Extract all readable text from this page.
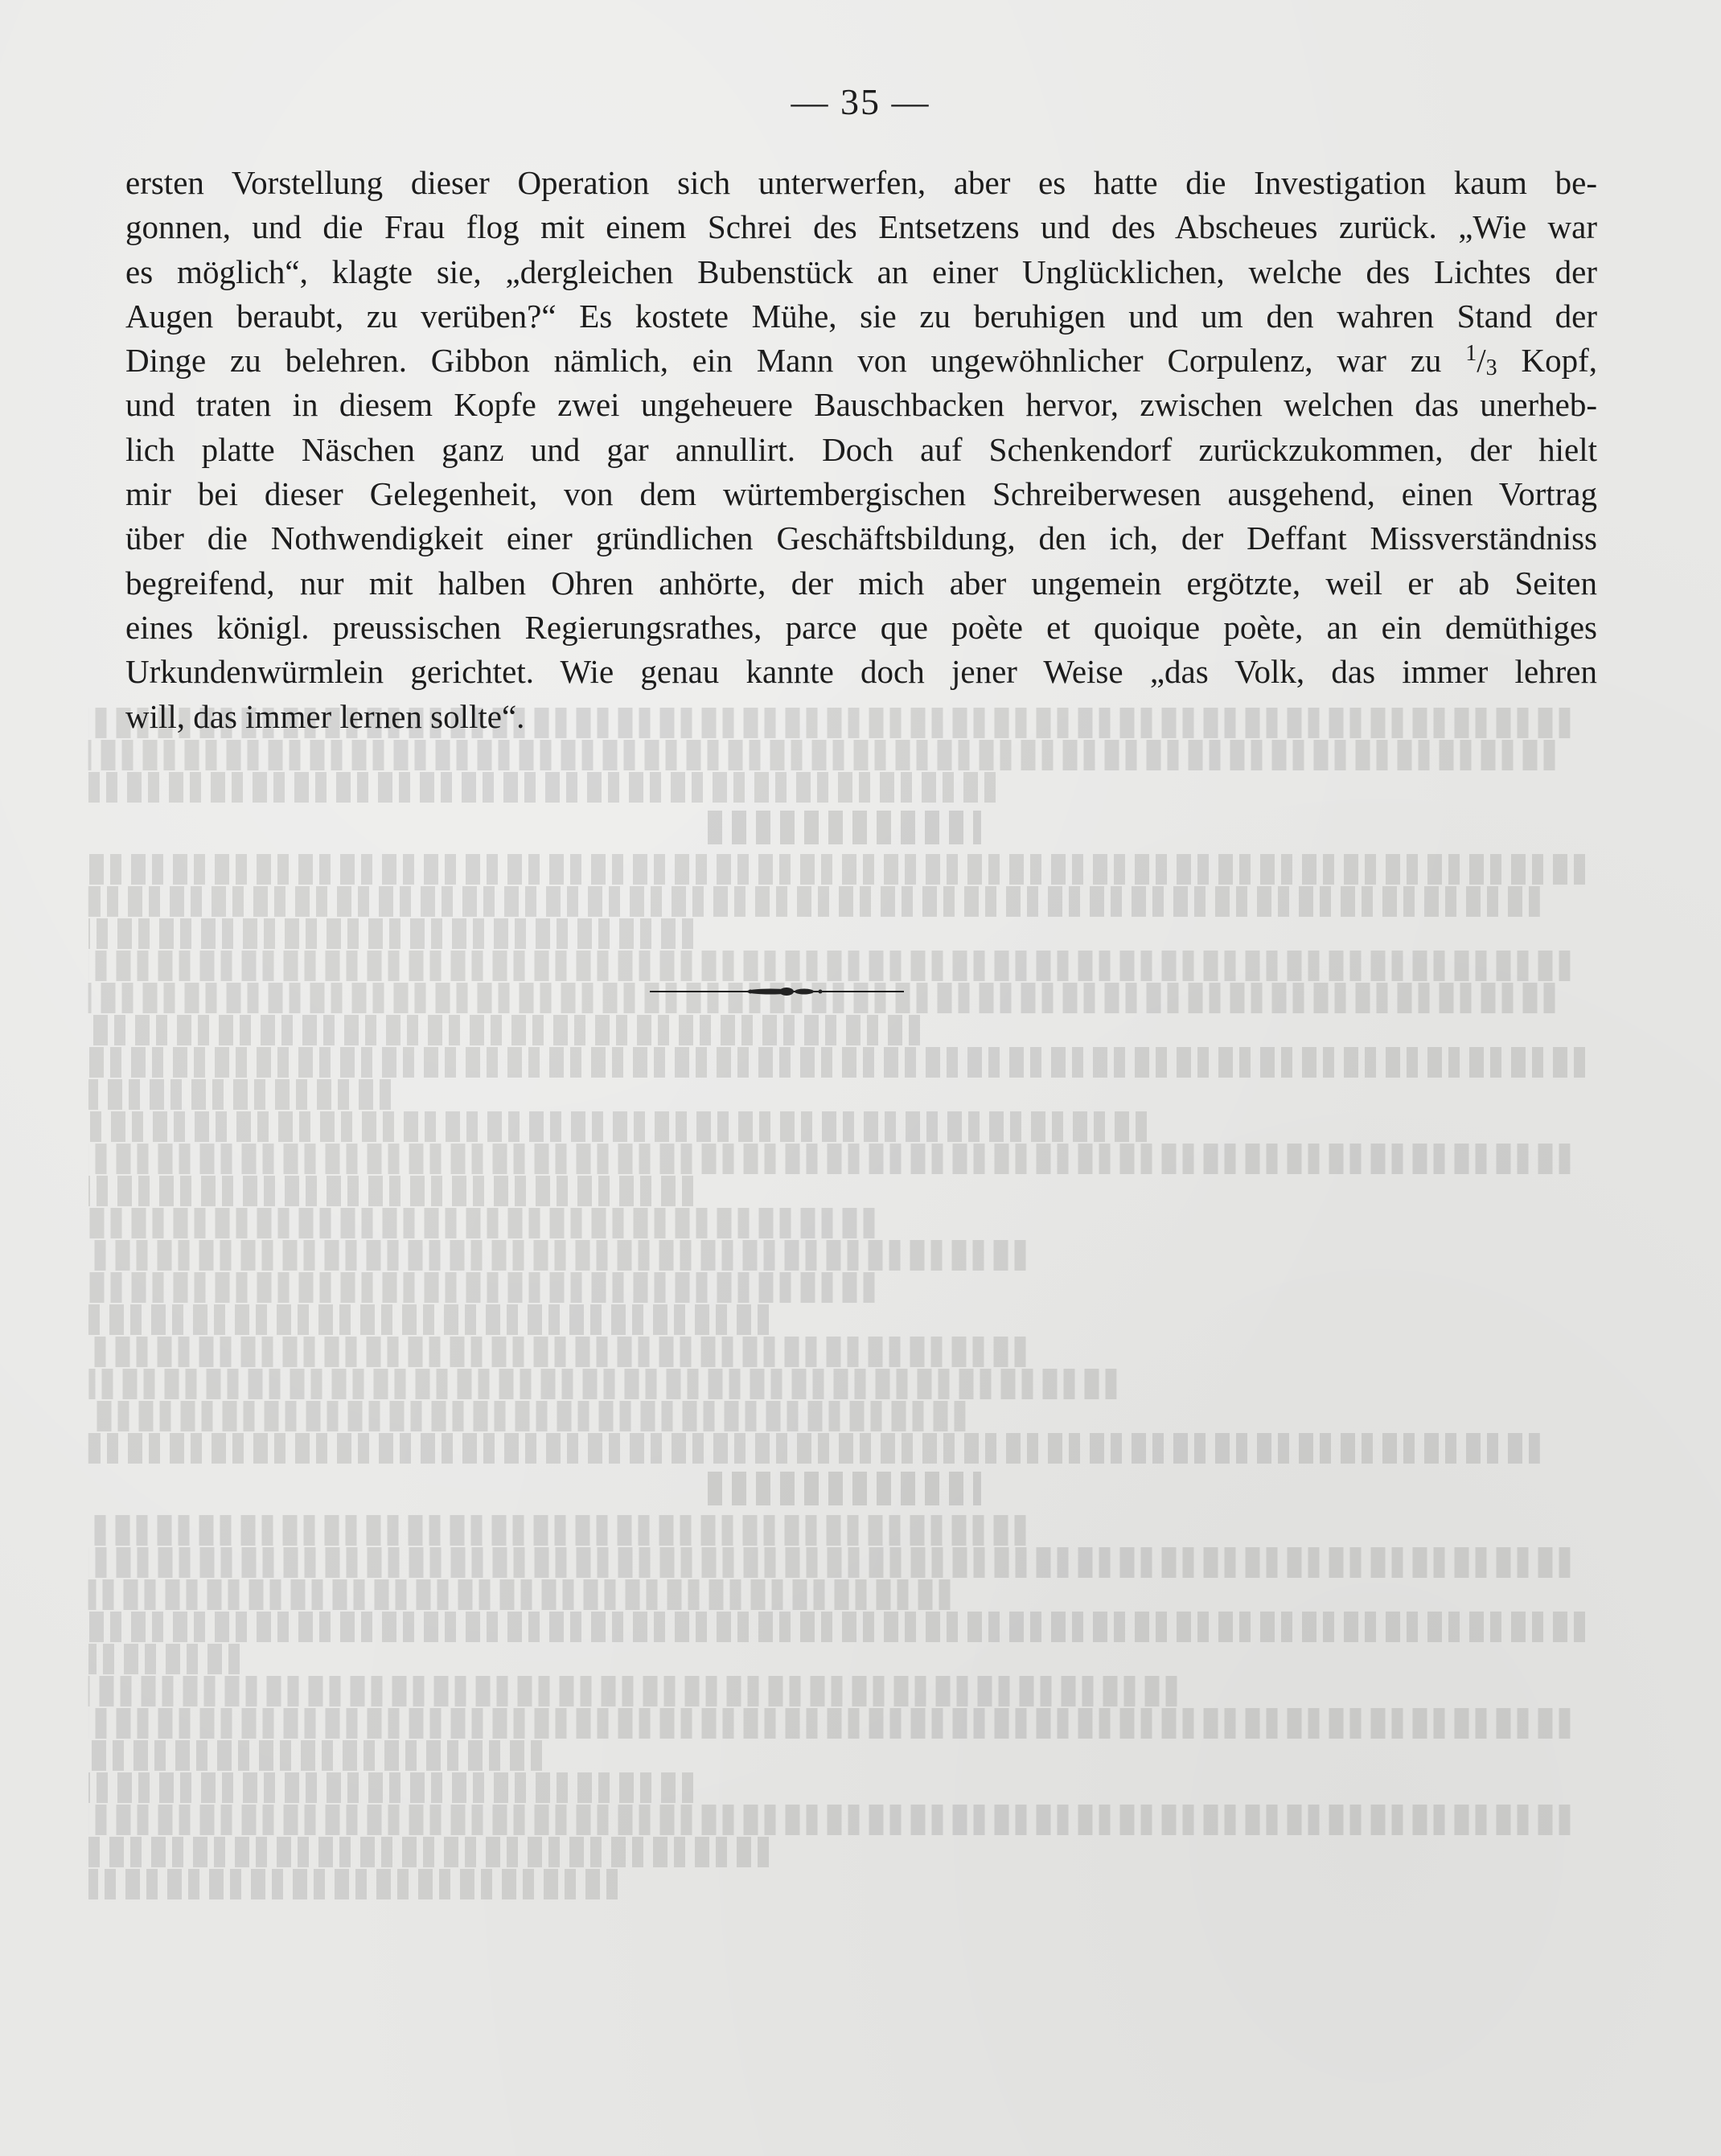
— 35 —
ersten Vorstellung dieser Operation sich unterwerfen, aber es hatte die Investigation kaum be-
gonnen, und die Frau flog mit einem Schrei des Entsetzens und des Abscheues zurück. „Wie war
es möglich“, klagte sie, „dergleichen Bubenstück an einer Unglücklichen, welche des Lichtes der
Augen beraubt, zu verüben?“ Es kostete Mühe, sie zu beruhigen und um den wahren Stand der
Dinge zu belehren. Gibbon nämlich, ein Mann von ungewöhnlicher Corpulenz, war zu $^1$/3 Kopf,
und traten in diesem Kopfe zwei ungeheuere Bauschbacken hervor, zwischen welchen das unerheb-
lich platte Näschen ganz und gar annullirt. Doch auf Schenkendorf zurückzukommen, der hielt
mir bei dieser Gelegenheit, von dem würtembergischen Schreiberwesen ausgehend, einen Vortrag
über die Nothwendigkeit einer gründlichen Geschäftsbildung, den ich, der Deffant Missverständniss
begreifend, nur mit halben Ohren anhörte, der mich aber ungemein ergötzte, weil er ab Seiten
eines königl. preussischen Regierungsrathes, parce que poète et quoique poète, an ein demüthiges
Urkundenwürmlein gerichtet. Wie genau kannte doch jener Weise „das Volk, das immer lehren
will, das immer lernen sollte“.
